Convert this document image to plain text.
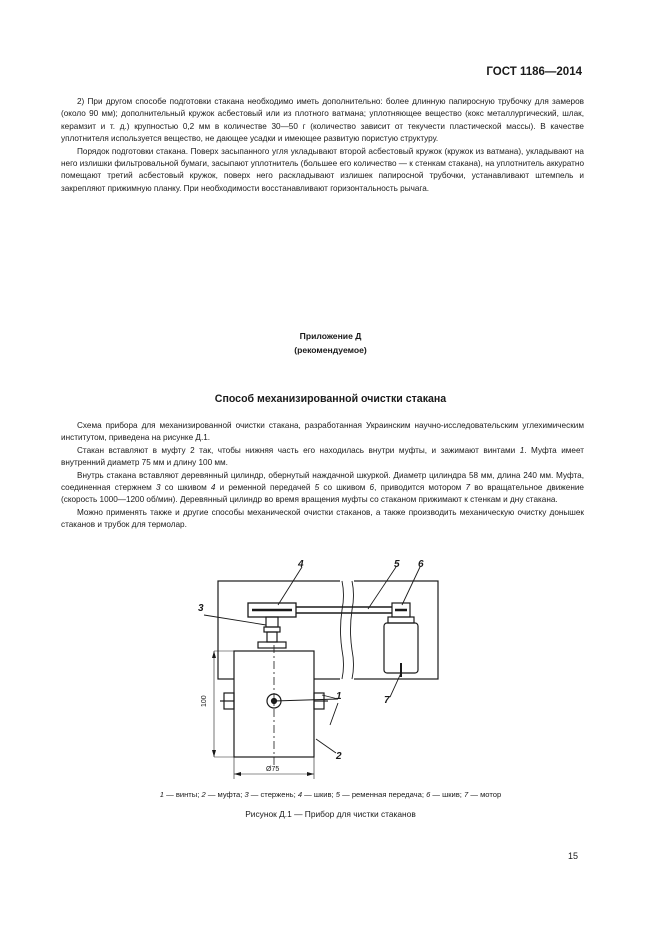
ГОСТ 1186—2014

2) При другом способе подготовки стакана необходимо иметь дополнительно: более длинную папиросную трубочку для замеров (около 90 мм); дополнительный кружок асбестовый или из плотного ватмана; уплотняющее вещество (кокс металлургический, шлак, керамзит и т. д.) крупностью 0,2 мм в количестве 30—50 г (количество зависит от текучести пластической массы). В качестве уплотнителя используется вещество, не дающее усадки и имеющее развитую пористую структуру.

Порядок подготовки стакана. Поверх засыпанного угля укладывают второй асбестовый кружок (кружок из ватмана), укладывают на него излишки фильтровальной бумаги, засыпают уплотнитель (большее его количество — к стенкам стакана), на уплотнитель аккуратно помещают третий асбестовый кружок, поверх него раскладывают излишек папиросной трубочки, устанавливают штемпель и закрепляют прижимную планку. При необходимости восстанавливают горизонтальность рычага.

Приложение Д
(рекомендуемое)
Способ механизированной очистки стакана

Схема прибора для механизированной очистки стакана, разработанная Украинским научно-исследовательским углехимическим институтом, приведена на рисунке Д.1.

Стакан вставляют в муфту 2 так, чтобы нижняя часть его находилась внутри муфты, и зажимают винтами 1. Муфта имеет внутренний диаметр 75 мм и длину 100 мм.

Внутрь стакана вставляют деревянный цилиндр, обернутый наждачной шкуркой. Диаметр цилиндра 58 мм, длина 240 мм. Муфта, соединенная стержнем 3 со шкивом 4 и ременной передачей 5 со шкивом 6, приводится мотором 7 во вращательное движение (скорость 1000—1200 об/мин). Деревянный цилиндр во время вращения муфты со стаканом прижимают к стенкам и дну стакана.

Можно применять также и другие способы механической очистки стаканов, а также производить механическую очистку донышек стаканов и трубок для термолар.

100
Ø75
4
3
5 6
7
1
2
1 — винты; 2 — муфта; 3 — стержень; 4 — шкив; 5 — ременная передача; 6 — шкив; 7 — мотор
Рисунок Д.1 — Прибор для чистки стаканов
15
